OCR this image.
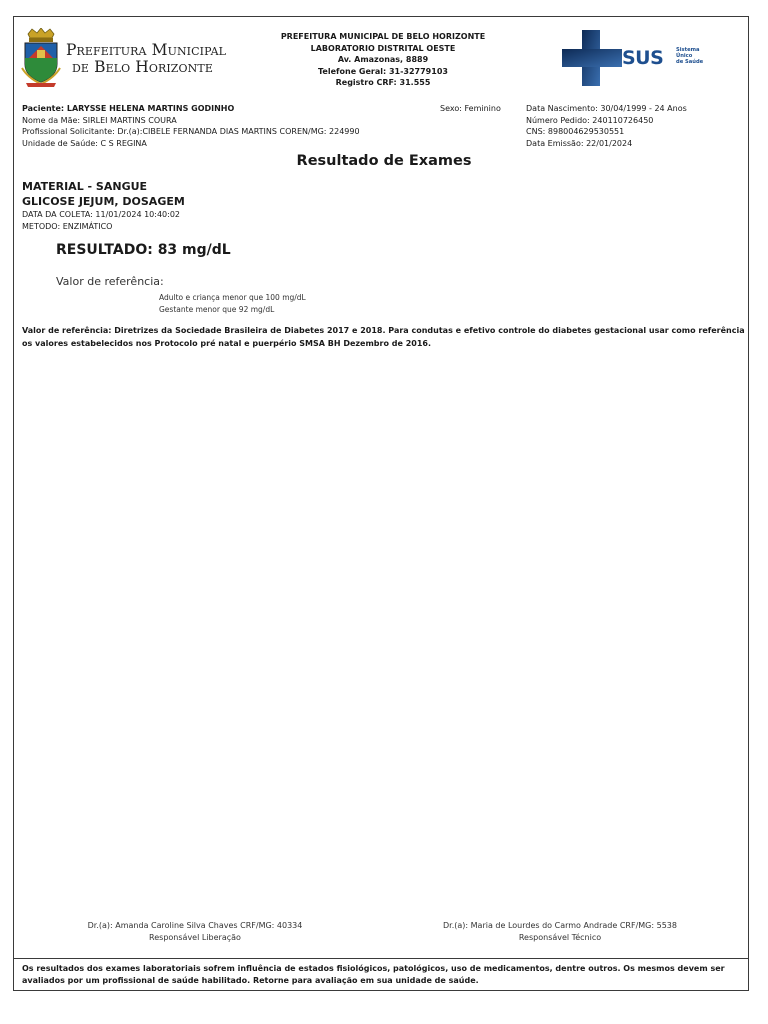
Prefeitura Municipal
de Belo Horizonte
PREFEITURA MUNICIPAL DE BELO HORIZONTE
LABORATORIO DISTRITAL OESTE
Av. Amazonas, 8889
Telefone Geral: 31-32779103
Registro CRF: 31.555
SUS Sistema
Único
de Saúde
Paciente: LARYSSE HELENA MARTINS GODINHO
Nome da Mãe: SIRLEI MARTINS COURA
Profissional Solicitante: Dr.(a):CIBELE FERNANDA DIAS MARTINS COREN/MG: 224990
Unidade de Saúde: C S REGINA
Sexo: Feminino	Data Nascimento: 30/04/1999 - 24 Anos
Número Pedido: 240110726450
CNS: 898004629530551
Data Emissão: 22/01/2024
Resultado de Exames
MATERIAL - SANGUE
GLICOSE JEJUM, DOSAGEM
DATA DA COLETA: 11/01/2024 10:40:02
METODO: ENZIMÁTICO
RESULTADO: 83 mg/dL
Valor de referência:
Adulto e criança menor que 100 mg/dL
Gestante menor que 92 mg/dL
Valor de referência: Diretrizes da Sociedade Brasileira de Diabetes 2017 e 2018. Para condutas e efetivo controle do diabetes gestacional usar como referência os valores estabelecidos nos Protocolo pré natal e puerpério SMSA BH Dezembro de 2016.
Dr.(a): Amanda Caroline Silva Chaves CRF/MG: 40334
Responsável Liberação
Dr.(a): Maria de Lourdes do Carmo Andrade CRF/MG: 5538
Responsável Técnico
Os resultados dos exames laboratoriais sofrem influência de estados fisiológicos, patológicos, uso de medicamentos, dentre outros. Os mesmos devem ser avaliados por um profissional de saúde habilitado. Retorne para avaliação em sua unidade de saúde.
